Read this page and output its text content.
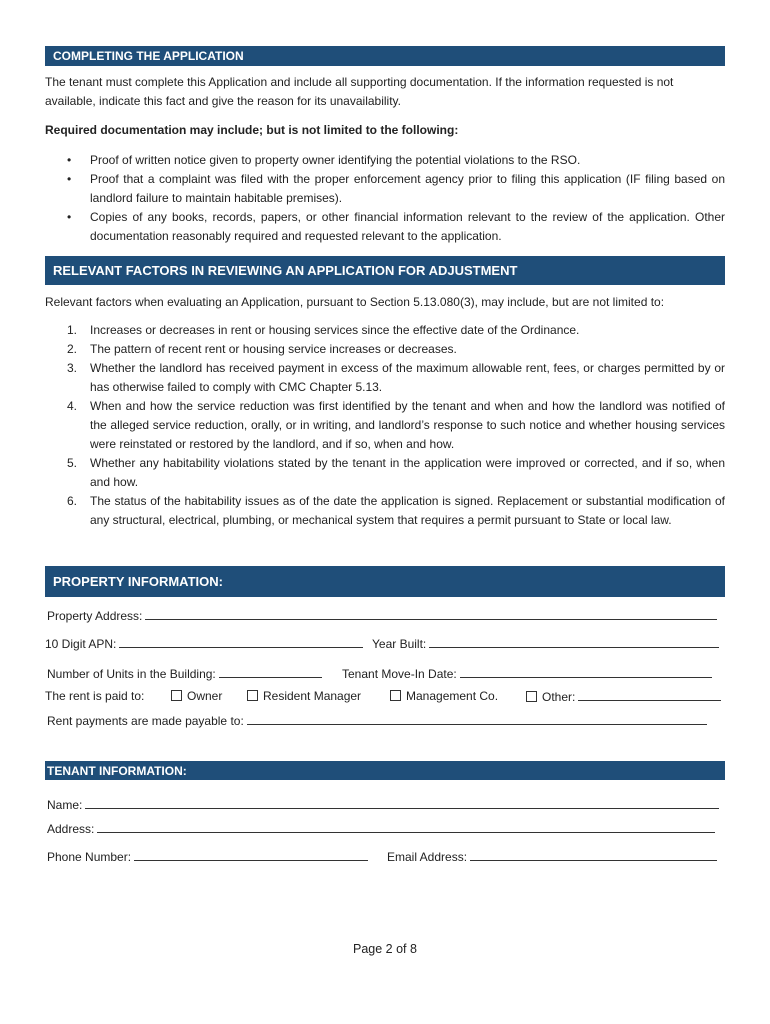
COMPLETING THE APPLICATION
The tenant must complete this Application and include all supporting documentation. If the information requested is not available, indicate this fact and give the reason for its unavailability.
Required documentation may include; but is not limited to the following:
• Proof of written notice given to property owner identifying the potential violations to the RSO.
• Proof that a complaint was filed with the proper enforcement agency prior to filing this application (IF filing based on landlord failure to maintain habitable premises).
• Copies of any books, records, papers, or other financial information relevant to the review of the application. Other documentation reasonably required and requested relevant to the application.
RELEVANT FACTORS IN REVIEWING AN APPLICATION FOR ADJUSTMENT
Relevant factors when evaluating an Application, pursuant to Section 5.13.080(3), may include, but are not limited to:
1. Increases or decreases in rent or housing services since the effective date of the Ordinance.
2. The pattern of recent rent or housing service increases or decreases.
3. Whether the landlord has received payment in excess of the maximum allowable rent, fees, or charges permitted by or has otherwise failed to comply with CMC Chapter 5.13.
4. When and how the service reduction was first identified by the tenant and when and how the landlord was notified of the alleged service reduction, orally, or in writing, and landlord’s response to such notice and whether housing services were reinstated or restored by the landlord, and if so, when and how.
5. Whether any habitability violations stated by the tenant in the application were improved or corrected, and if so, when and how.
6. The status of the habitability issues as of the date the application is signed. Replacement or substantial modification of any structural, electrical, plumbing, or mechanical system that requires a permit pursuant to State or local law.
PROPERTY INFORMATION:
Property Address:
10 Digit APN:	Year Built:
Number of Units in the Building:	Tenant Move-In Date:
The rent is paid to:	Owner	Resident Manager	Management Co.	Other:
Rent payments are made payable to:
TENANT INFORMATION:
Name:
Address:
Phone Number:	Email Address:
Page 2 of 8
